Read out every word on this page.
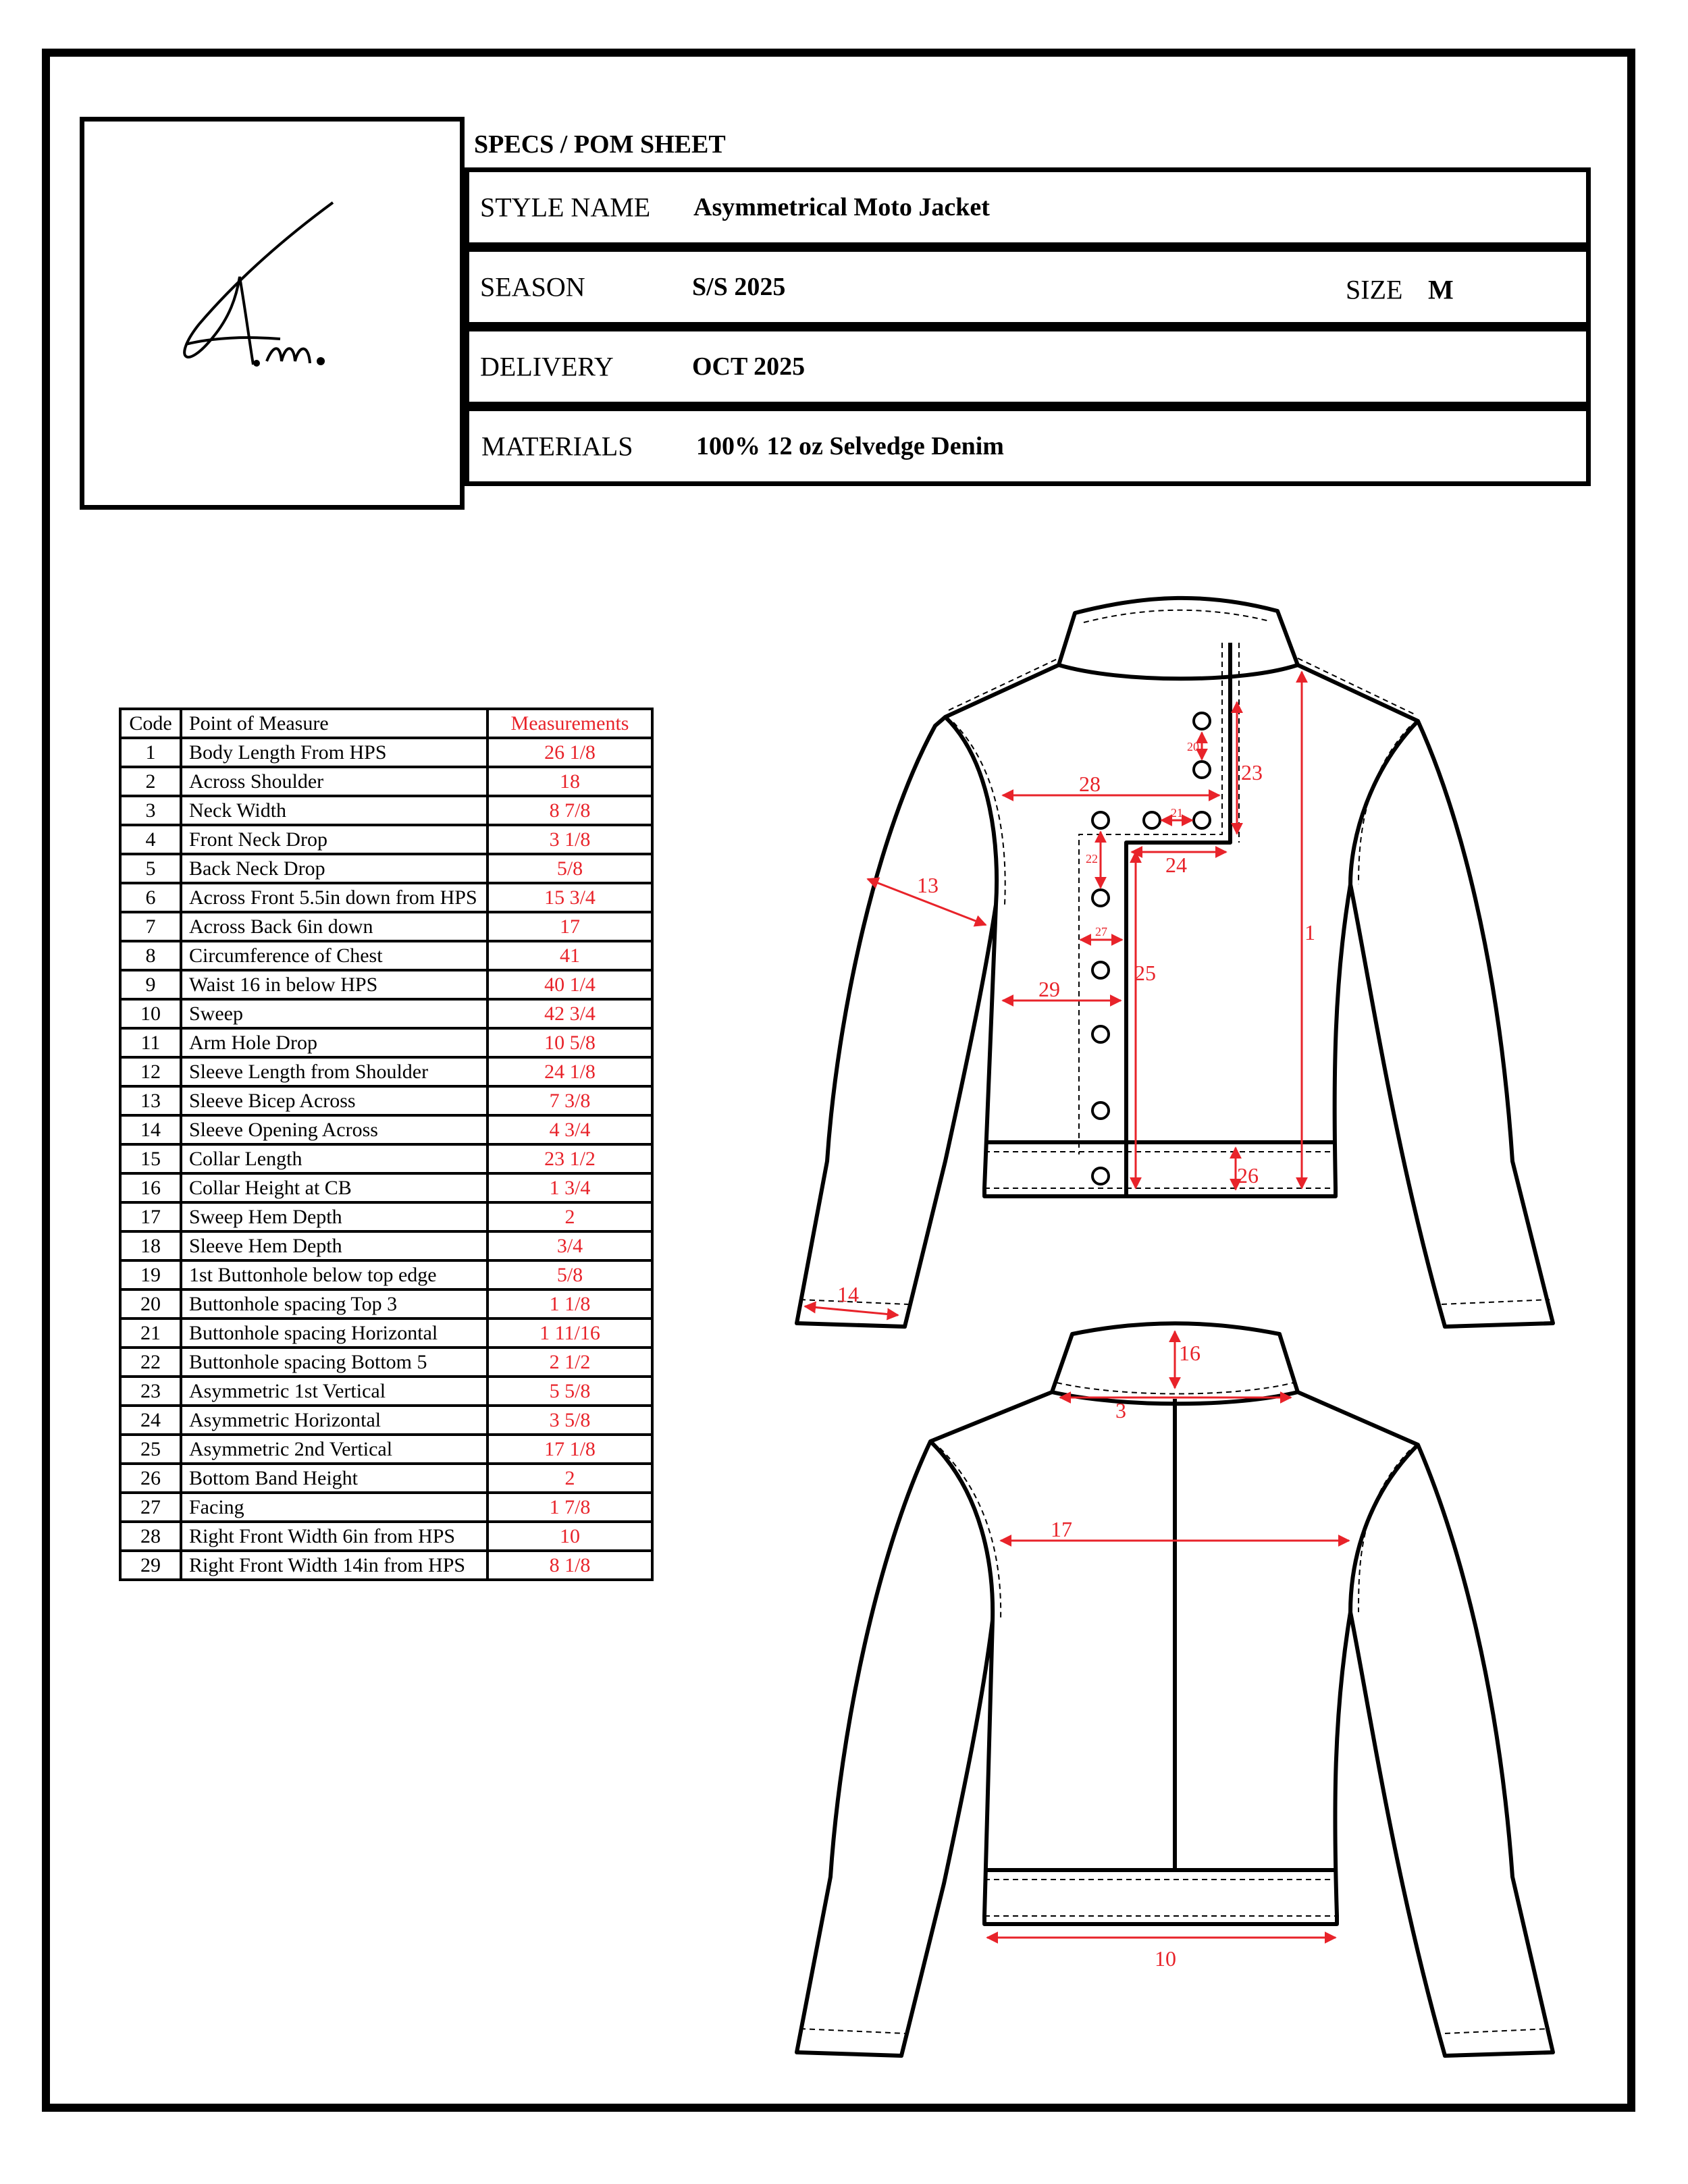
A.m.
SPECS / POM SHEET
STYLE NAME Asymmetrical Moto Jacket
SEASON	S/S 2025	SIZE M
DELIVERY	OCT 2025
MATERIALS 100% 12 oz Selvedge Denim
Code	Point of Measure	Measurements
1	Body Length From HPS	26 1/8
2	Across Shoulder	18
3	Neck Width	8 7/8
4	Front Neck Drop	3 1/8
5	Back Neck Drop	5/8
6	Across Front 5.5in down from HPS	15 3/4
7	Across Back 6in down	17
8	Circumference of Chest	41
9	Waist 16 in below HPS	40 1/4
10	Sweep	42 3/4
11	Arm Hole Drop	10 5/8
12	Sleeve Length from Shoulder	24 1/8
13	Sleeve Bicep Across	7 3/8
14	Sleeve Opening Across	4 3/4
15	Collar Length	23 1/2
16	Collar Height at CB	1 3/4
17	Sweep Hem Depth	2
18	Sleeve Hem Depth	3/4
19	1st Buttonhole below top edge	5/8
20	Buttonhole spacing Top 3	1 1/8
21	Buttonhole spacing Horizontal	1 11/16
22	Buttonhole spacing Bottom 5	2 1/2
23	Asymmetric 1st Vertical	5 5/8
24	Asymmetric Horizontal	3 5/8
25	Asymmetric 2nd Vertical	17 1/8
26	Bottom Band Height	2
27	Facing	1 7/8
28	Right Front Width 6in from HPS	10
29	Right Front Width 14in from HPS	8 1/8
1
13
14
20
21
22
23
24
25
26
27
28
29
3
10
16
17
